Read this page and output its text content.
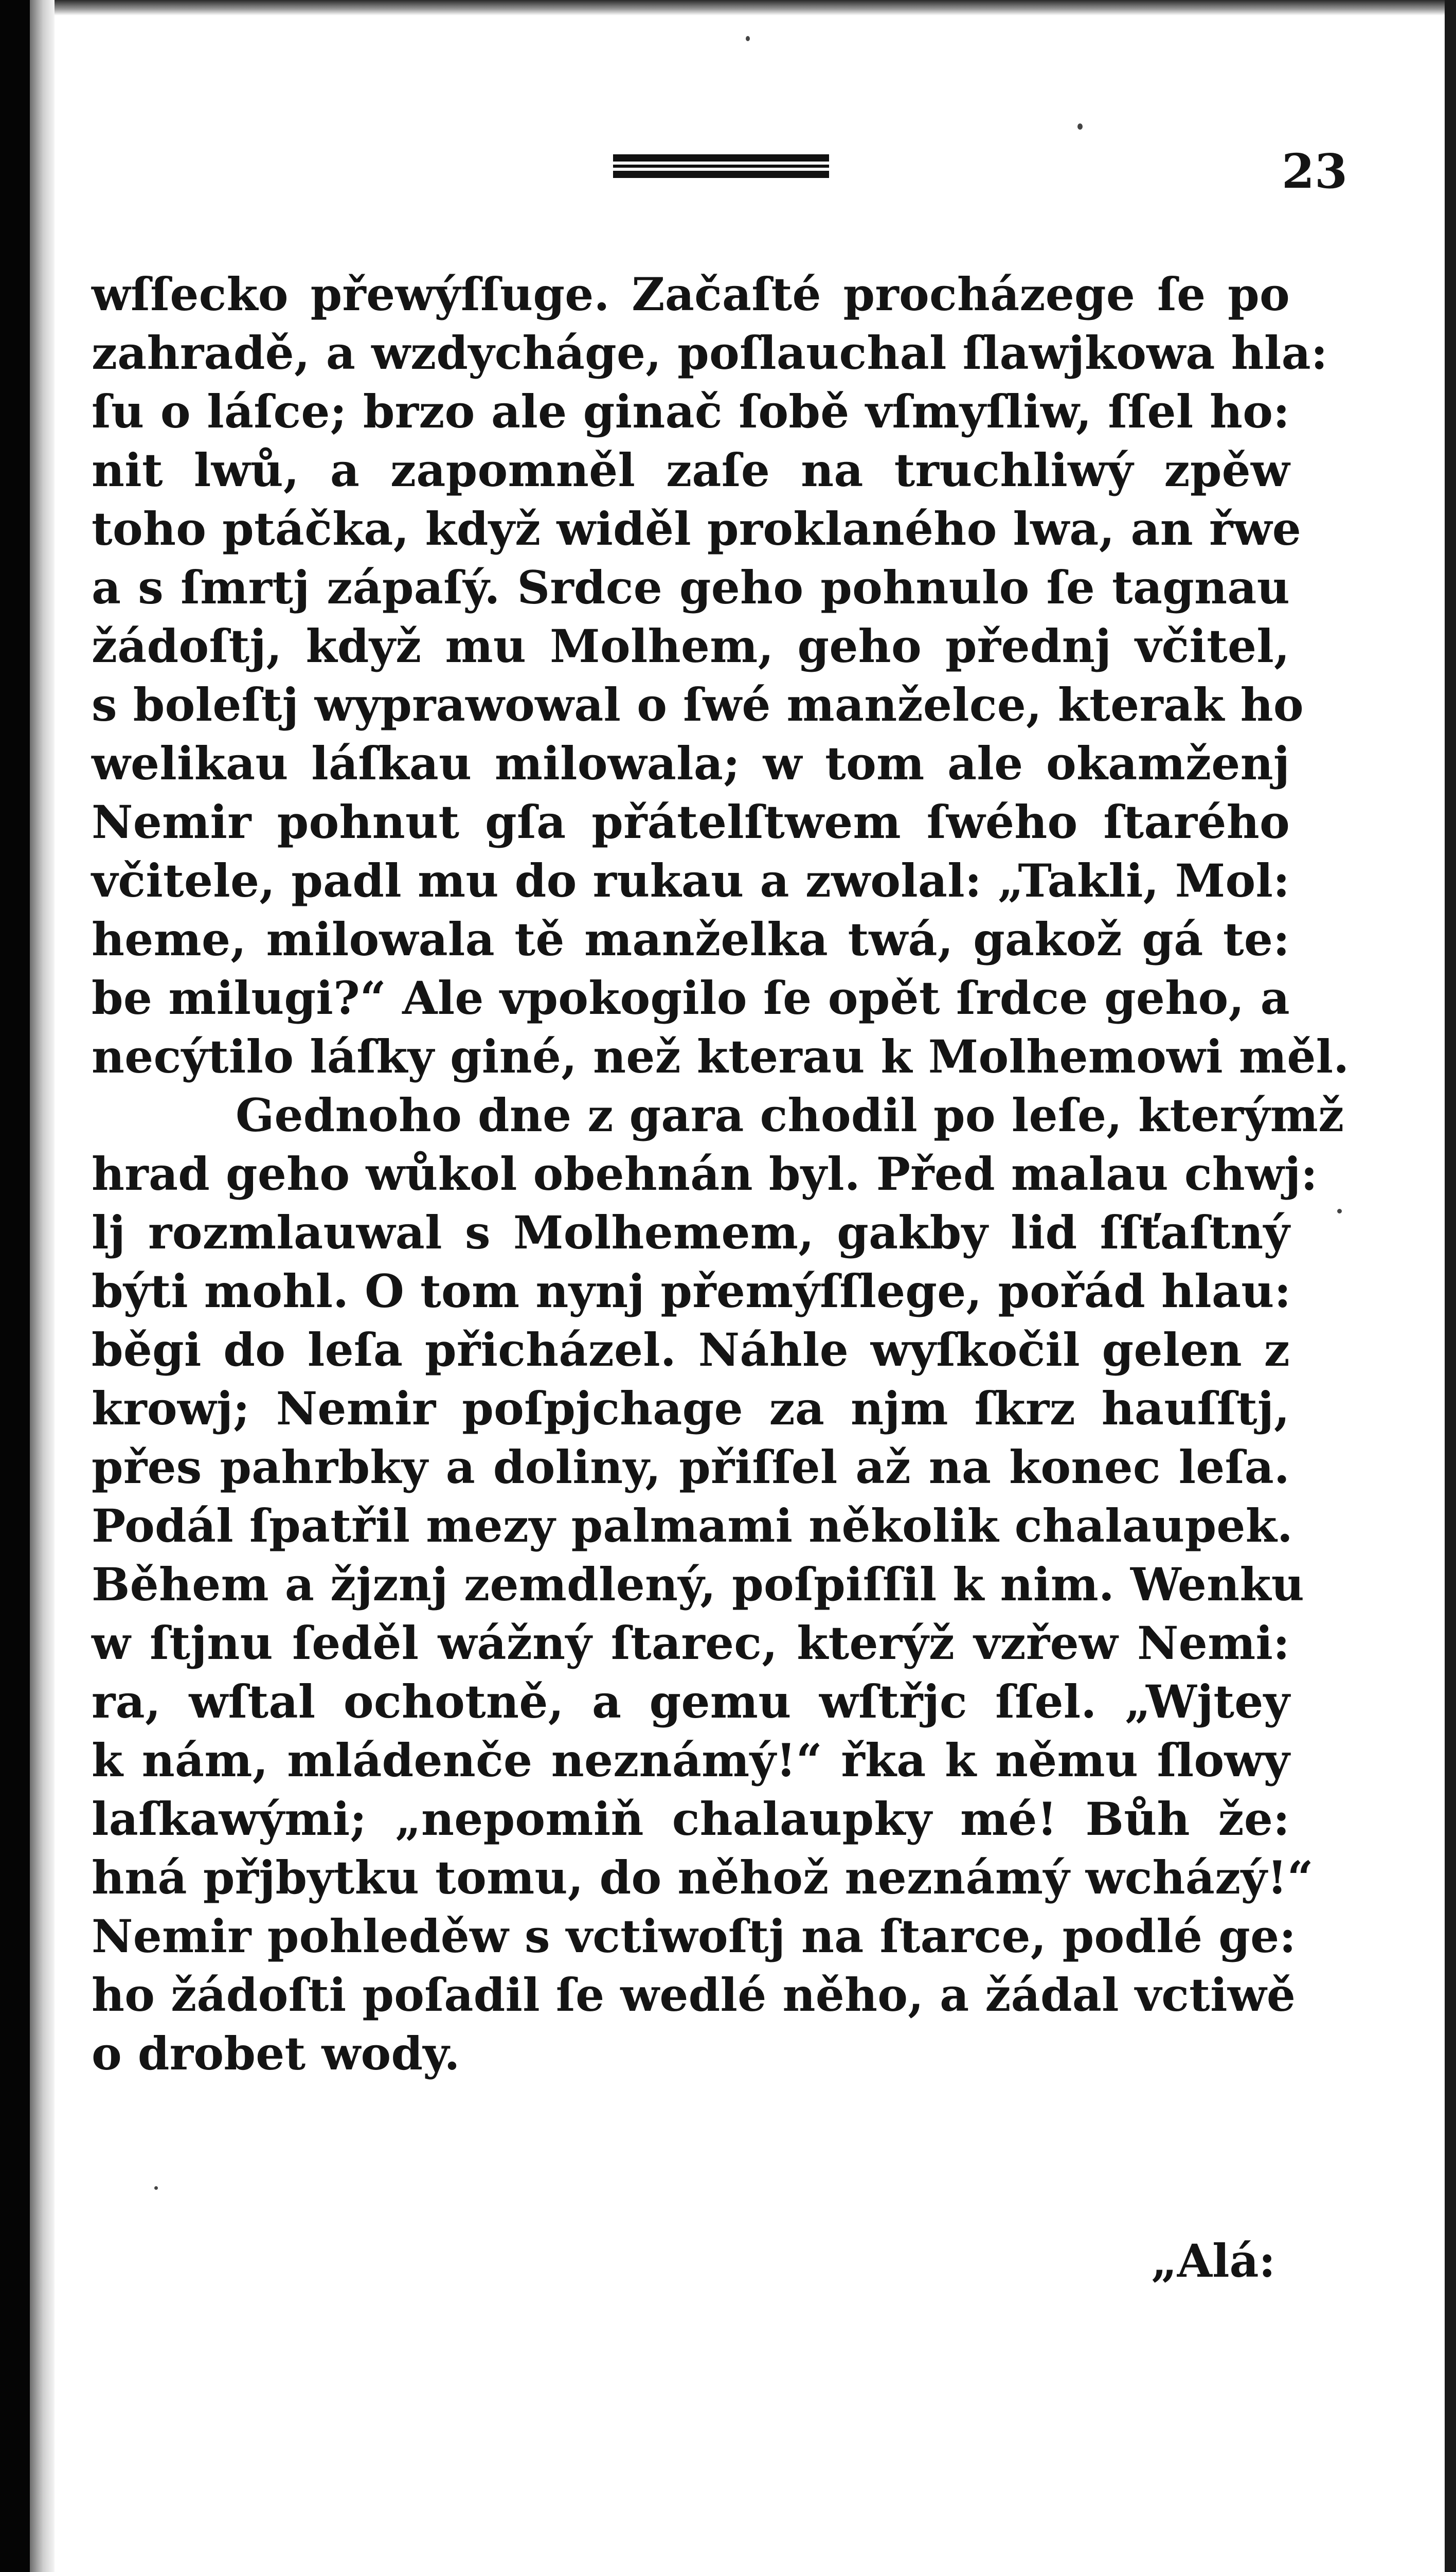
23
wſſecko přewýſſuge. Začaſté procházege ſe po
zahradě, a wzdycháge, poſlauchal ſlawjkowa hla:
ſu o láſce; brzo ale ginač ſobě vſmyſliw, ſſel ho:
nit lwů, a zapomněl zaſe na truchliwý zpěw
toho ptáčka, když widěl proklaného lwa, an řwe
a s ſmrtj zápaſý. Srdce geho pohnulo ſe tagnau
žádoſtj, když mu Molhem, geho přednj včitel,
s boleſtj wyprawowal o ſwé manželce, kterak ho
welikau láſkau milowala; w tom ale okamženj
Nemir pohnut gſa přátelſtwem ſwého ſtarého
včitele, padl mu do rukau a zwolal: „Takli, Mol:
heme, milowala tě manželka twá, gakož gá te:
be milugi?“ Ale vpokogilo ſe opět ſrdce geho, a
necýtilo láſky giné, než kterau k Molhemowi měl.
Gednoho dne z gara chodil po leſe, kterýmž
hrad geho wůkol obehnán byl. Před malau chwj:
lj rozmlauwal s Molhemem, gakby lid ſſťaſtný
býti mohl. O tom nynj přemýſſlege, pořád hlau:
běgi do leſa přicházel. Náhle wyſkočil gelen z
krowj; Nemir poſpjchage za njm ſkrz hauſſtj,
přes pahrbky a doliny, přiſſel až na konec leſa.
Podál ſpatřil mezy palmami několik chalaupek.
Během a žjznj zemdlený, poſpiſſil k nim. Wenku
w ſtjnu ſeděl wážný ſtarec, kterýž vzřew Nemi:
ra, wſtal ochotně, a gemu wſtřjc ſſel. „Wjtey
k nám, mládenče neznámý!“ řka k němu ſlowy
laſkawými; „nepomiň chalaupky mé! Bůh že:
hná přjbytku tomu, do něhož neznámý wcházý!“
Nemir pohleděw s vctiwoſtj na ſtarce, podlé ge:
ho žádoſti poſadil ſe wedlé něho, a žádal vctiwě
o drobet wody.
„Alá:
